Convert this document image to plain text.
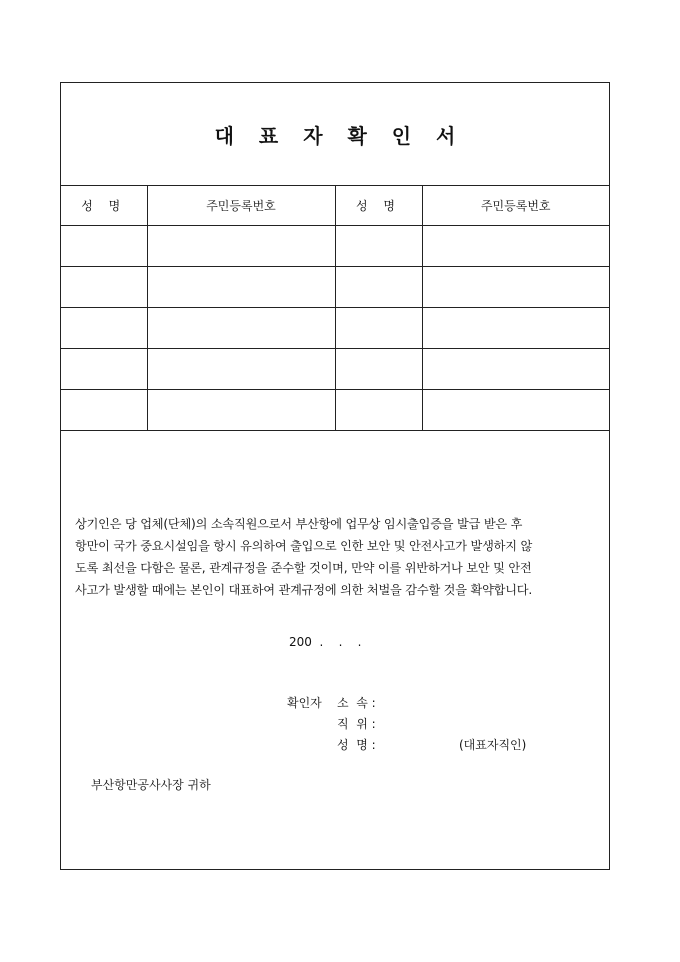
대 표 자 확 인 서
성 명	주민등록번호	성 명	주민등록번호

상기인은 당 업체(단체)의 소속직원으로서 부산항에 업무상 임시출입증을 발급 받은 후
항만이 국가 중요시설임을 항시 유의하여 출입으로 인한 보안 및 안전사고가 발생하지 않
도록 최선을 다함은 물론, 관계규정을 준수할 것이며, 만약 이를 위반하거나 보안 및 안전
사고가 발생할 때에는 본인이 대표하여 관계규정에 의한 처벌을 감수할 것을 확약합니다.
200  .    .    .
확인자 소  속 :
직  위 :
성  명 :	(대표자직인)
부산항만공사사장 귀하
